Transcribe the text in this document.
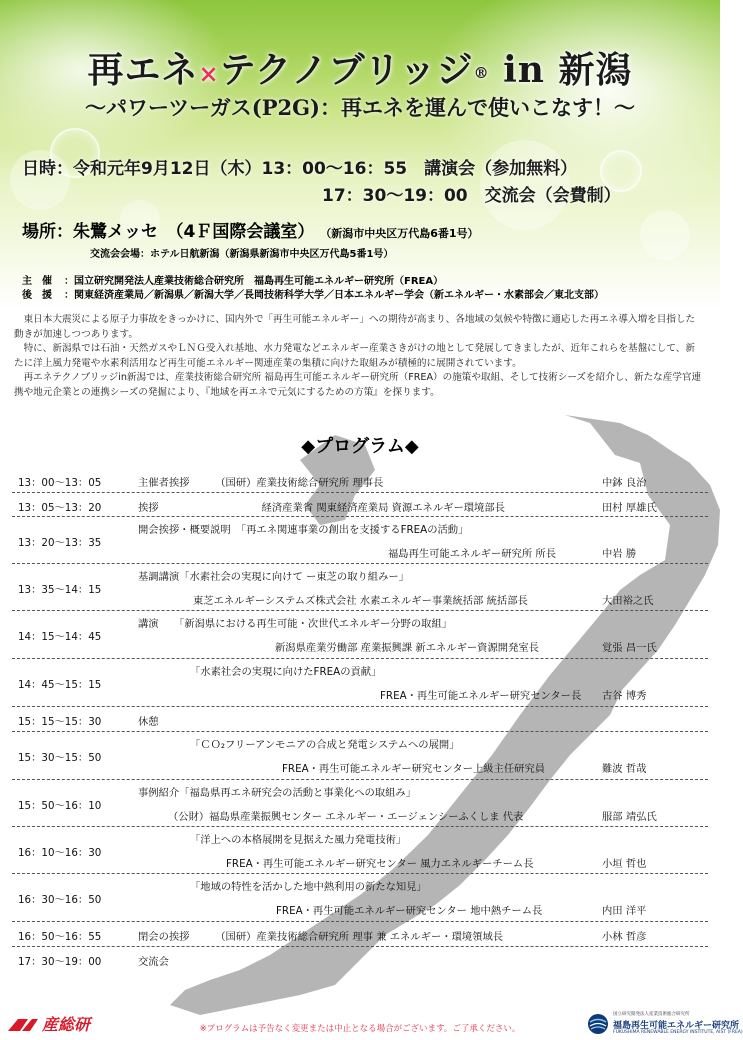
再エネ×テクノブリッジ® in 新潟
～パワーツーガス(P2G)：再エネを運んで使いこなす！～
日時：令和元年9月12日（木）13：00～16：55　講演会（参加無料）
17：30～19：00　交流会（会費制）
場所：朱鷺メッセ　（4Ｆ国際会議室） （新潟市中央区万代島6番1号）
交流会会場：ホテル日航新潟（新潟県新潟市中央区万代島5番1号）
主　催 ：国立研究開発法人産業技術総合研究所　福島再生可能エネルギー研究所（FREA）
後　援 ：関東経済産業局／新潟県／新潟大学／長岡技術科学大学／日本エネルギー学会（新エネルギー・水素部会／東北支部）

東日本大震災による原子力事故をきっかけに、国内外で「再生可能エネルギー」への期待が高まり、各地域の気候や特徴に適応した再エネ導入増を目指した動きが加速しつつあります。

特に、新潟県では石油・天然ガスやＬＮＧ受入れ基地、水力発電などエネルギー産業さきがけの地として発展してきましたが、近年これらを基盤にして、新たに洋上風力発電や水素利活用など再生可能エネルギー関連産業の集積に向けた取組みが積極的に展開されています。

再エネテクノブリッジin新潟では、産業技術総合研究所 福島再生可能エネルギー研究所（FREA）の施策や取組、そして技術シーズを紹介し、新たな産学官連携や地元企業との連携シーズの発掘により、『地域を再エネで元気にするための方策』を探ります。

◆プログラム◆
13：00～13：05	主催者挨拶　　　（国研）産業技術総合研究所 理事長	中鉢 良治
13：05～13：20	挨拶　　　　　　　　　　経済産業省 関東経済産業局 資源エネルギー環境部長	田村 厚雄氏
13：20～13：35
開会挨拶・概要説明　「再エネ関連事業の創出を支援するFREAの活動」
福島再生可能エネルギー研究所 所長	中岩 勝
13：35～14：15
基調講演「水素社会の実現に向けて ー東芝の取り組みー」
東芝エネルギーシステムズ株式会社 水素エネルギー事業統括部 統括部長	大田裕之氏
14：15～14：45
講演　　「新潟県における再生可能・次世代エネルギー分野の取組」
新潟県産業労働部 産業振興課 新エネルギー資源開発室長	覚張 昌一氏
14：45～15：15
「水素社会の実現に向けたFREAの貢献」
FREA・再生可能エネルギー研究センター長 古谷 博秀
15：15～15：30	休憩
15：30～15：50
「ＣＯ₂フリーアンモニアの合成と発電システムへの展開」
FREA・再生可能エネルギー研究センター上級主任研究員	難波 哲哉
15：50～16：10
事例紹介「福島県再エネ研究会の活動と事業化への取組み」
（公財）福島県産業振興センター エネルギー・エージェンシーふくしま 代表	服部 靖弘氏
16：10～16：30
「洋上への本格展開を見据えた風力発電技術」
FREA・再生可能エネルギー研究センター 風力エネルギーチーム長	小垣 哲也
16：30～16：50
「地域の特性を活かした地中熱利用の新たな知見」
FREA・再生可能エネルギー研究センター 地中熱チーム長	内田 洋平
16：50～16：55	閉会の挨拶　　　（国研）産業技術総合研究所 理事 兼 エネルギー・環境領域長	小林 哲彦
17：30～19：00	交流会
産総研	※プログラムは予告なく変更または中止となる場合がございます。ご了承ください。
国立研究開発法人産業技術総合研究所
福島再生可能エネルギー研究所
FUKUSHIMA RENEWABLE ENERGY INSTITUTE, AIST (FREA)
